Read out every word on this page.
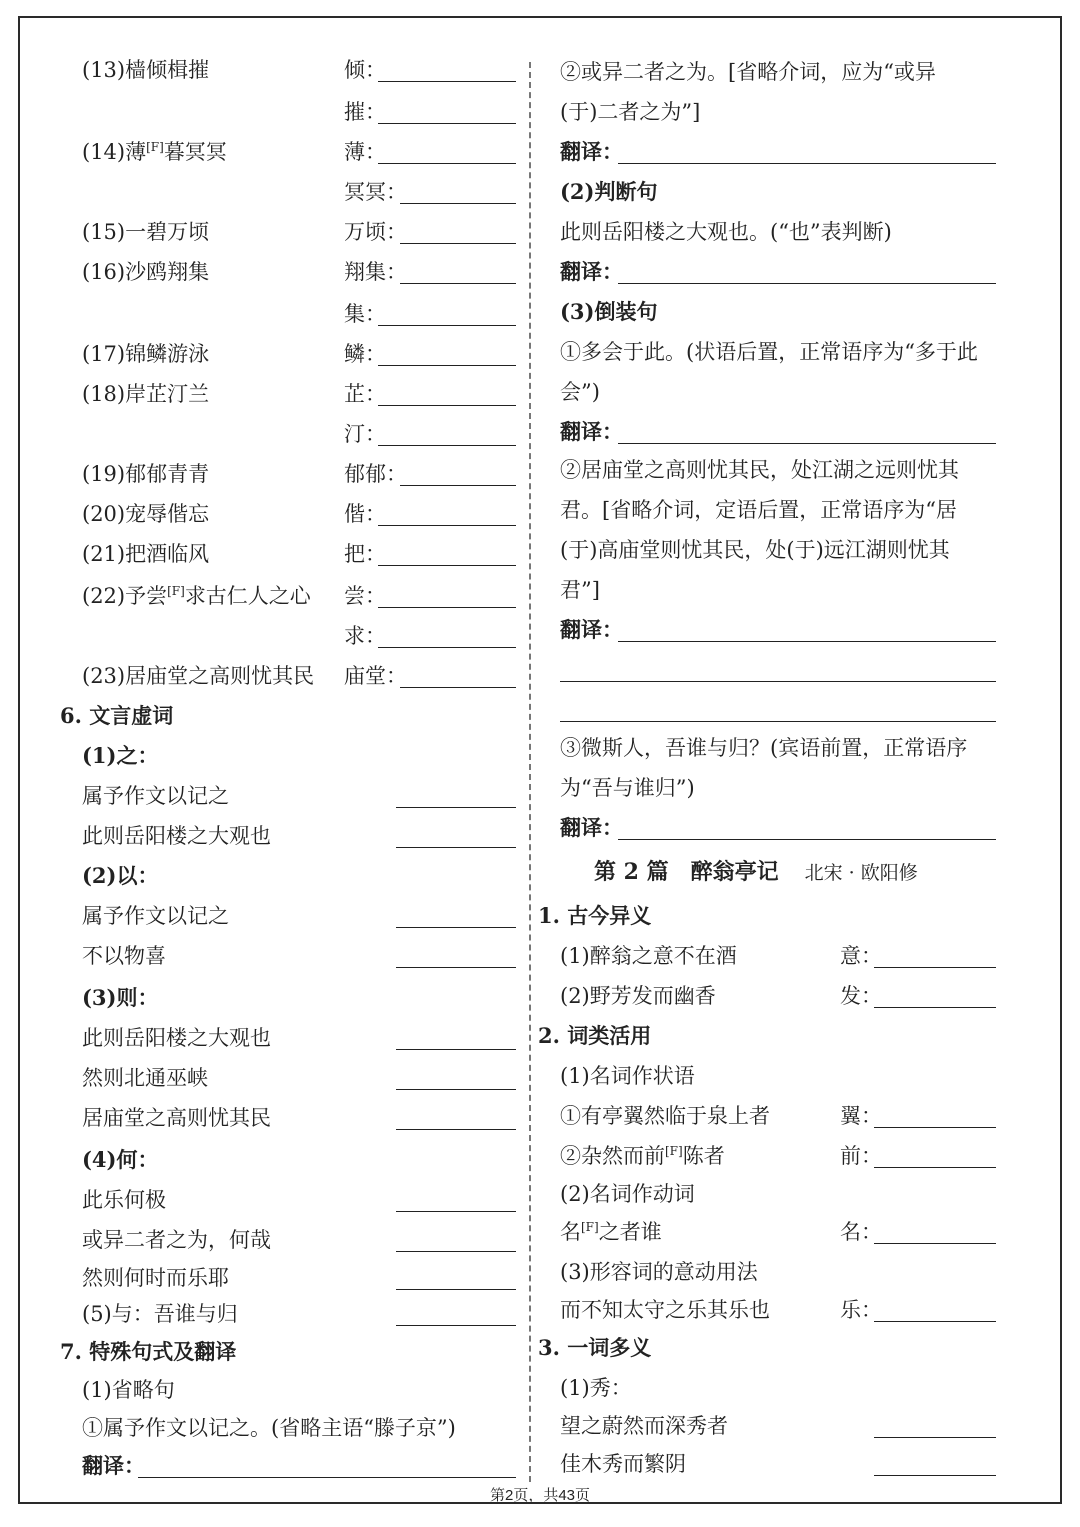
(13)樯倾楫摧	倾：
摧：
(14)薄[F]暮冥冥	薄：
冥冥：
(15)一碧万顷	万顷：
(16)沙鸥翔集	翔集：
集：
(17)锦鳞游泳	鳞：
(18)岸芷汀兰	芷：
汀：
(19)郁郁青青	郁郁：
(20)宠辱偕忘	偕：
(21)把酒临风	把：
(22)予尝[F]求古仁人之心 尝：
求：
(23)居庙堂之高则忧其民 庙堂：
6. 文言虚词
(1)之：
属予作文以记之
此则岳阳楼之大观也
(2)以：
属予作文以记之
不以物喜
(3)则：
此则岳阳楼之大观也
然则北通巫峡
居庙堂之高则忧其民
(4)何：
此乐何极
或异二者之为，何哉
然则何时而乐耶
(5)与：吾谁与归
7. 特殊句式及翻译
(1)省略句
①属予作文以记之。(省略主语“滕子京”)
翻译：
②或异二者之为。[省略介词，应为“或异
(于)二者之为”]
翻译：
(2)判断句
此则岳阳楼之大观也。(“也”表判断)
翻译：
(3)倒装句
①多会于此。(状语后置，正常语序为“多于此
会”)
翻译：
②居庙堂之高则忧其民，处江湖之远则忧其
君。[省略介词，定语后置，正常语序为“居
(于)高庙堂则忧其民，处(于)远江湖则忧其
君”]
翻译：
③微斯人，吾谁与归？(宾语前置，正常语序
为“吾与谁归”)
翻译：
第 2 篇　醉翁亭记 北宋 · 欧阳修
1. 古今异义
(1)醉翁之意不在酒	意：
(2)野芳发而幽香	发：
2. 词类活用
(1)名词作状语
①有亭翼然临于泉上者	翼：
②杂然而前[F]陈者	前：
(2)名词作动词
名[F]之者谁	名：
(3)形容词的意动用法
而不知太守之乐其乐也	乐：
3. 一词多义
(1)秀：
望之蔚然而深秀者
佳木秀而繁阴
第2页，共43页
